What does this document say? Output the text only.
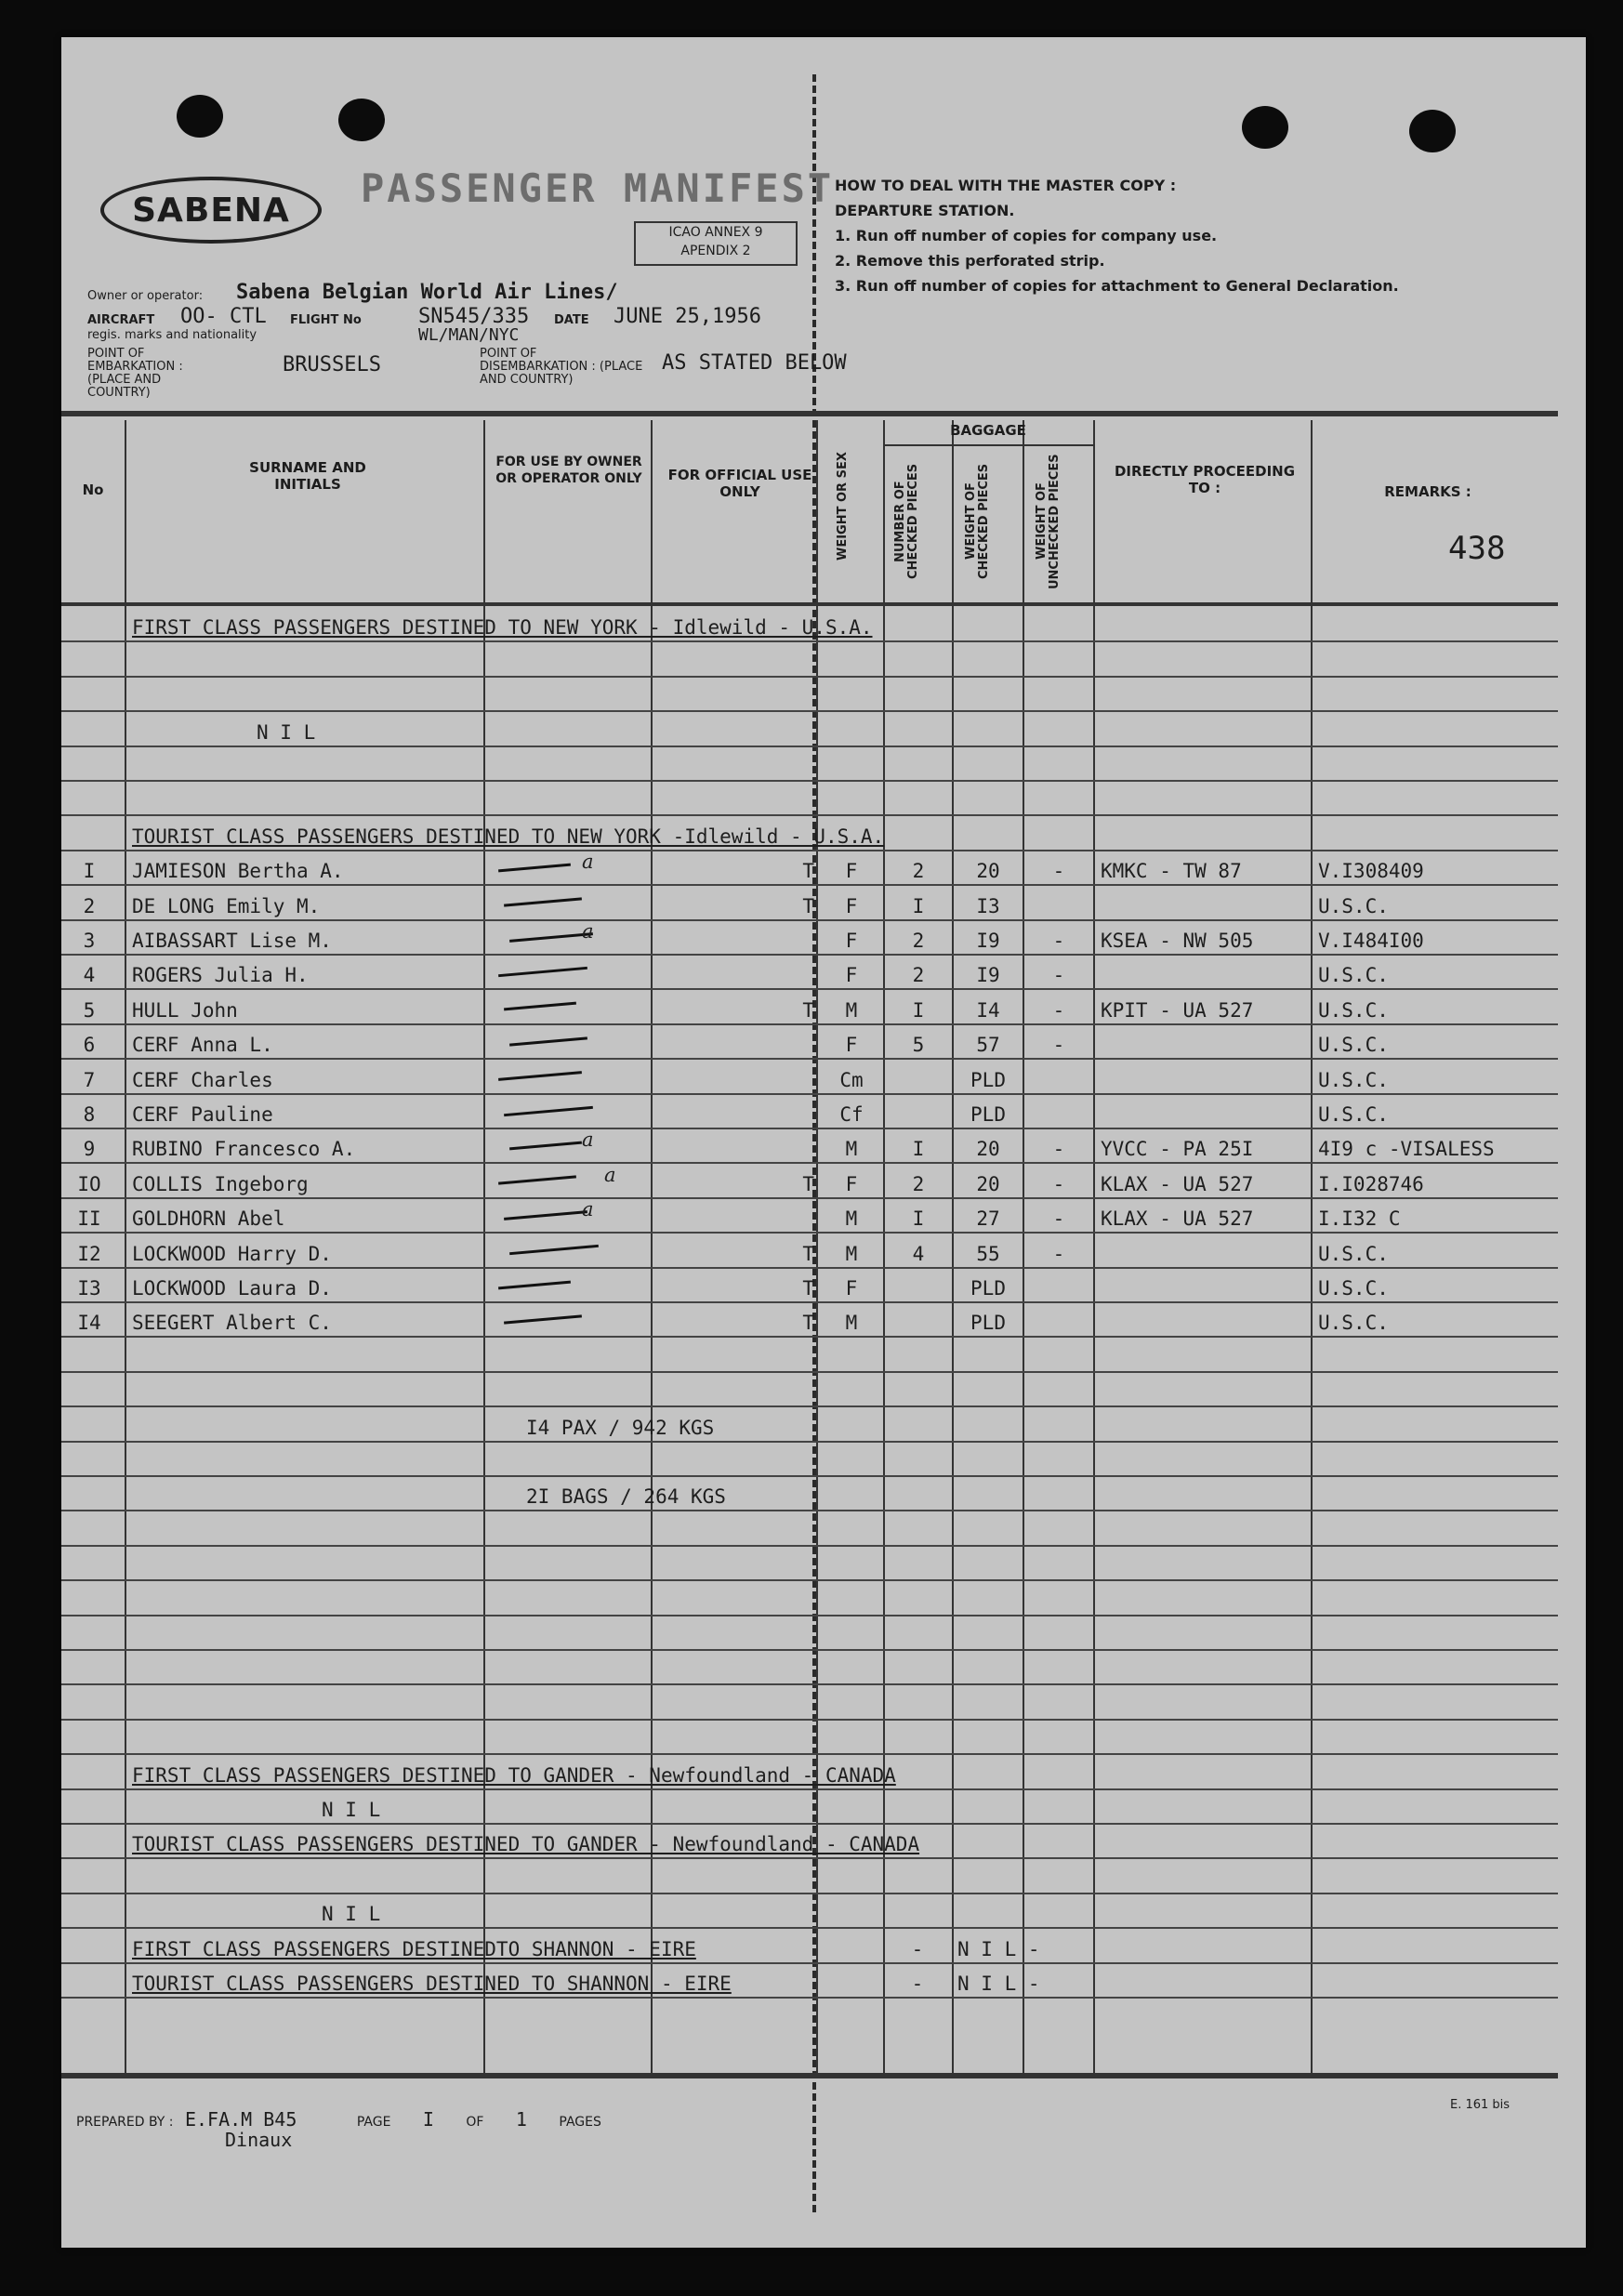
SABENA	PASSENGER MANIFEST
ICAO ANNEX 9
APENDIX 2
HOW TO DEAL WITH THE MASTER COPY :
DEPARTURE STATION.
1. Run off number of copies for company use.
2. Remove this perforated strip.
3. Run off number of copies for attachment to General Declaration.
Owner or operator: Sabena Belgian World Air Lines/
AIRCRAFT OO- CTL
regis. marks and nationality
FLIGHT No	SN545/335
WL/MAN/NYC
DATE JUNE 25,1956
POINT OF EMBARKATION : (PLACE AND COUNTRY)
BRUSSELS	POINT OF DISEMBARKATION : (PLACE AND COUNTRY)
AS STATED BELOW
No
SURNAME AND INITIALS
FOR USE BY OWNER OR OPERATOR ONLY FOR OFFICIAL USE ONLY	WEIGHT OR SEX
BAGGAGE
NUMBER OF CHECKED PIECES	WEIGHT OF CHECKED PIECES	WEIGHT OF UNCHECKED PIECES	DIRECTLY PROCEEDING TO :	REMARKS :
438
FIRST CLASS PASSENGERS DESTINED TO NEW YORK - Idlewild - U.S.A.
N I L
TOURIST CLASS PASSENGERS DESTINED TO NEW YORK -Idlewild - U.S.A.
I	JAMIESON Bertha A.	T	F	2	20	-	KMKC - TW 87	V.I308409
a
2	DE LONG Emily M.	T	F	I	I3	U.S.C.
3	AIBASSART Lise M.	F	2	I9	-	KSEA - NW 505	V.I484I00
a
4	ROGERS Julia H.	F	2	I9	-	U.S.C.
5	HULL John	T	M	I	I4	-	KPIT - UA 527	U.S.C.
6	CERF Anna L.	F	5	57	-	U.S.C.
7	CERF Charles	Cm	PLD	U.S.C.
8	CERF Pauline	Cf	PLD	U.S.C.
9	RUBINO Francesco A.	M	I	20	-	YVCC - PA 25I	4I9 c -VISALESS
a
IO	COLLIS Ingeborg	T	F	2	20	-	KLAX - UA 527	I.I028746
a
II	GOLDHORN Abel	M	I	27	-	KLAX - UA 527	I.I32 C
a
I2	LOCKWOOD Harry D.	T	M	4	55	-	U.S.C.
I3	LOCKWOOD Laura D.	T	F	PLD	U.S.C.
I4	SEEGERT Albert C.	T	M	PLD	U.S.C.
I4 PAX / 942 KGS
2I BAGS / 264 KGS
FIRST CLASS PASSENGERS DESTINED TO GANDER - Newfoundland - CANADA
N I L
TOURIST CLASS PASSENGERS DESTINED TO GANDER - Newfoundland - CANADA
N I L
FIRST CLASS PASSENGERS DESTINEDTO SHANNON - EIRE	-	N I L -
TOURIST CLASS PASSENGERS DESTINED TO SHANNON - EIRE	-	N I L -
PREPARED BY : E.FA.M B45	PAGE I OF 1 PAGES
Dinaux
E. 161 bis
